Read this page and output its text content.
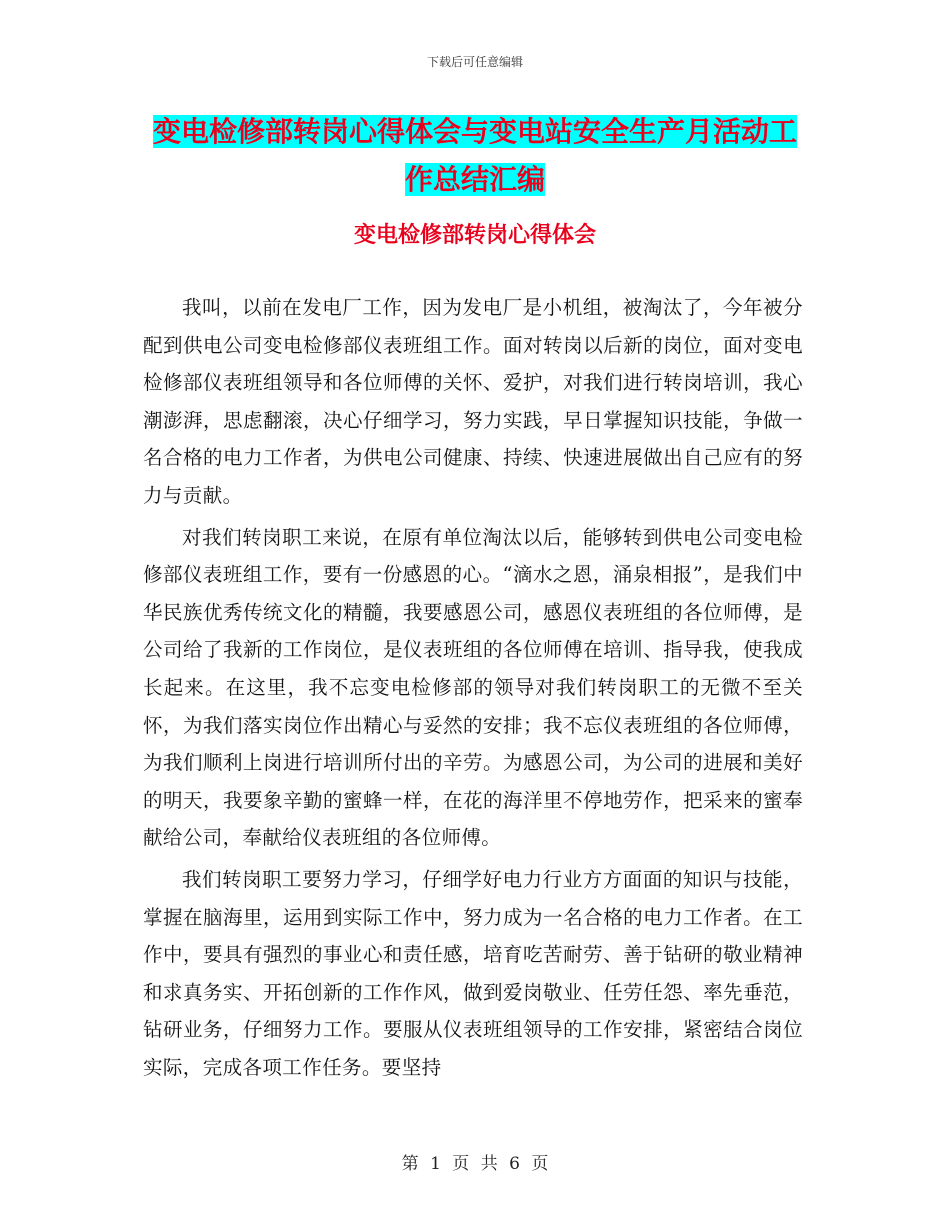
下载后可任意编辑
变电检修部转岗心得体会与变电站安全生产月活动工
作总结汇编
变电检修部转岗心得体会

我叫，以前在发电厂工作，因为发电厂是小机组，被淘汰了，今年被分配到供电公司变电检修部仪表班组工作。面对转岗以后新的岗位，面对变电检修部仪表班组领导和各位师傅的关怀、爱护，对我们进行转岗培训，我心潮澎湃，思虑翻滚，决心仔细学习，努力实践，早日掌握知识技能，争做一名合格的电力工作者，为供电公司健康、持续、快速进展做出自己应有的努力与贡献。

对我们转岗职工来说，在原有单位淘汰以后，能够转到供电公司变电检修部仪表班组工作，要有一份感恩的心。“滴水之恩，涌泉相报”，是我们中华民族优秀传统文化的精髓，我要感恩公司，感恩仪表班组的各位师傅，是公司给了我新的工作岗位，是仪表班组的各位师傅在培训、指导我，使我成长起来。在这里，我不忘变电检修部的领导对我们转岗职工的无微不至关怀，为我们落实岗位作出精心与妥然的安排；我不忘仪表班组的各位师傅，为我们顺利上岗进行培训所付出的辛劳。为感恩公司，为公司的进展和美好的明天，我要象辛勤的蜜蜂一样，在花的海洋里不停地劳作，把采来的蜜奉献给公司，奉献给仪表班组的各位师傅。

我们转岗职工要努力学习，仔细学好电力行业方方面面的知识与技能，掌握在脑海里，运用到实际工作中，努力成为一名合格的电力工作者。在工作中，要具有强烈的事业心和责任感，培育吃苦耐劳、善于钻研的敬业精神和求真务实、开拓创新的工作作风，做到爱岗敬业、任劳任怨、率先垂范，钻研业务，仔细努力工作。要服从仪表班组领导的工作安排，紧密结合岗位实际，完成各项工作任务。要坚持

第 1 页 共 6 页
